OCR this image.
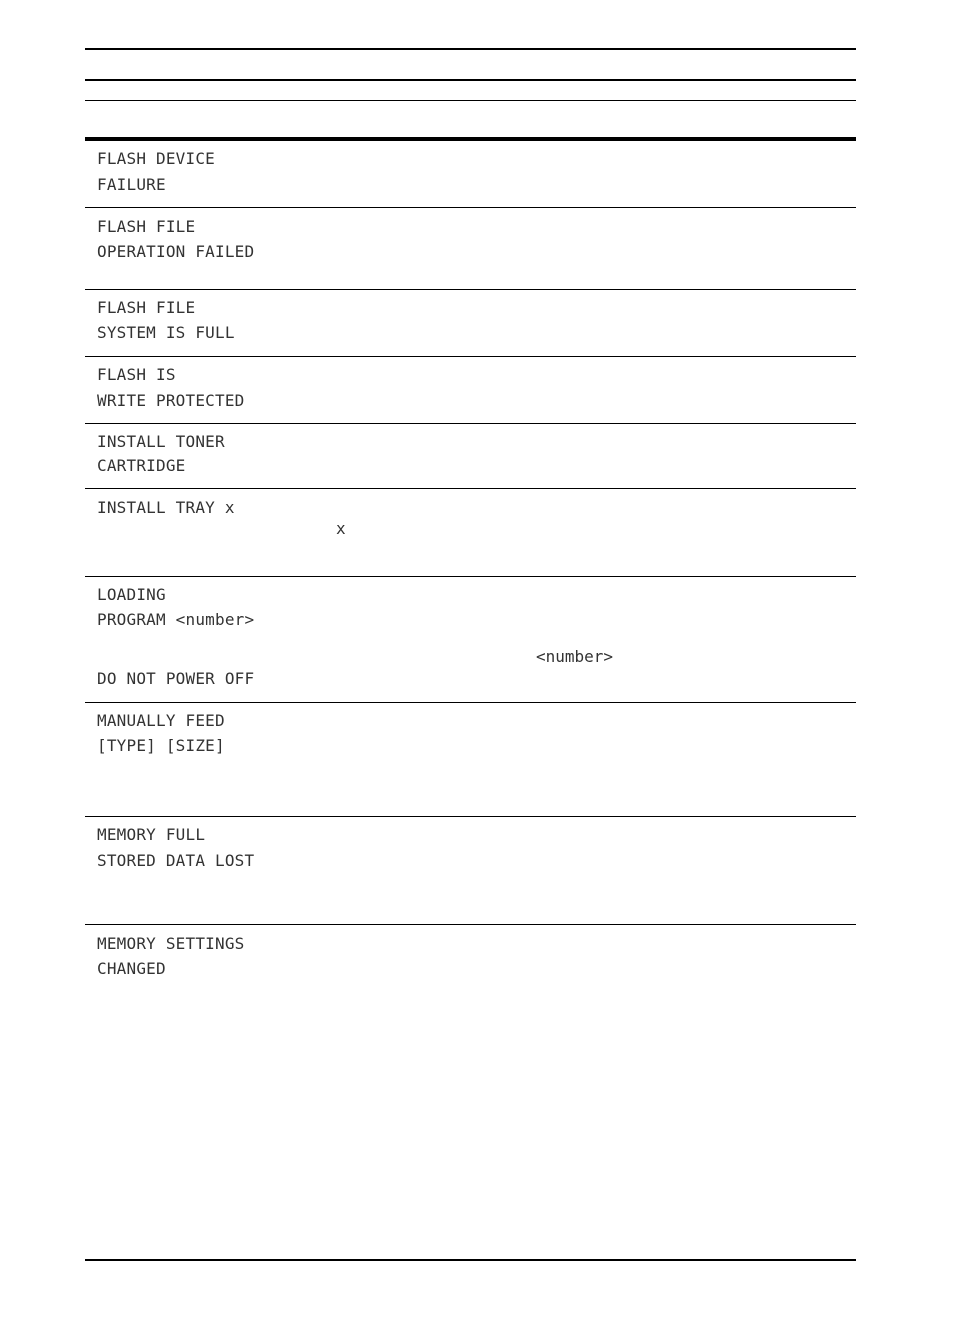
FLASH DEVICE
FAILURE
FLASH FILE
OPERATION FAILED
FLASH FILE
SYSTEM IS FULL
FLASH IS
WRITE PROTECTED
INSTALL TONER
CARTRIDGE
INSTALL TRAY x
x
LOADING
PROGRAM <number>
<number>
DO NOT POWER OFF
MANUALLY FEED
[TYPE] [SIZE]
MEMORY FULL
STORED DATA LOST
MEMORY SETTINGS
CHANGED
